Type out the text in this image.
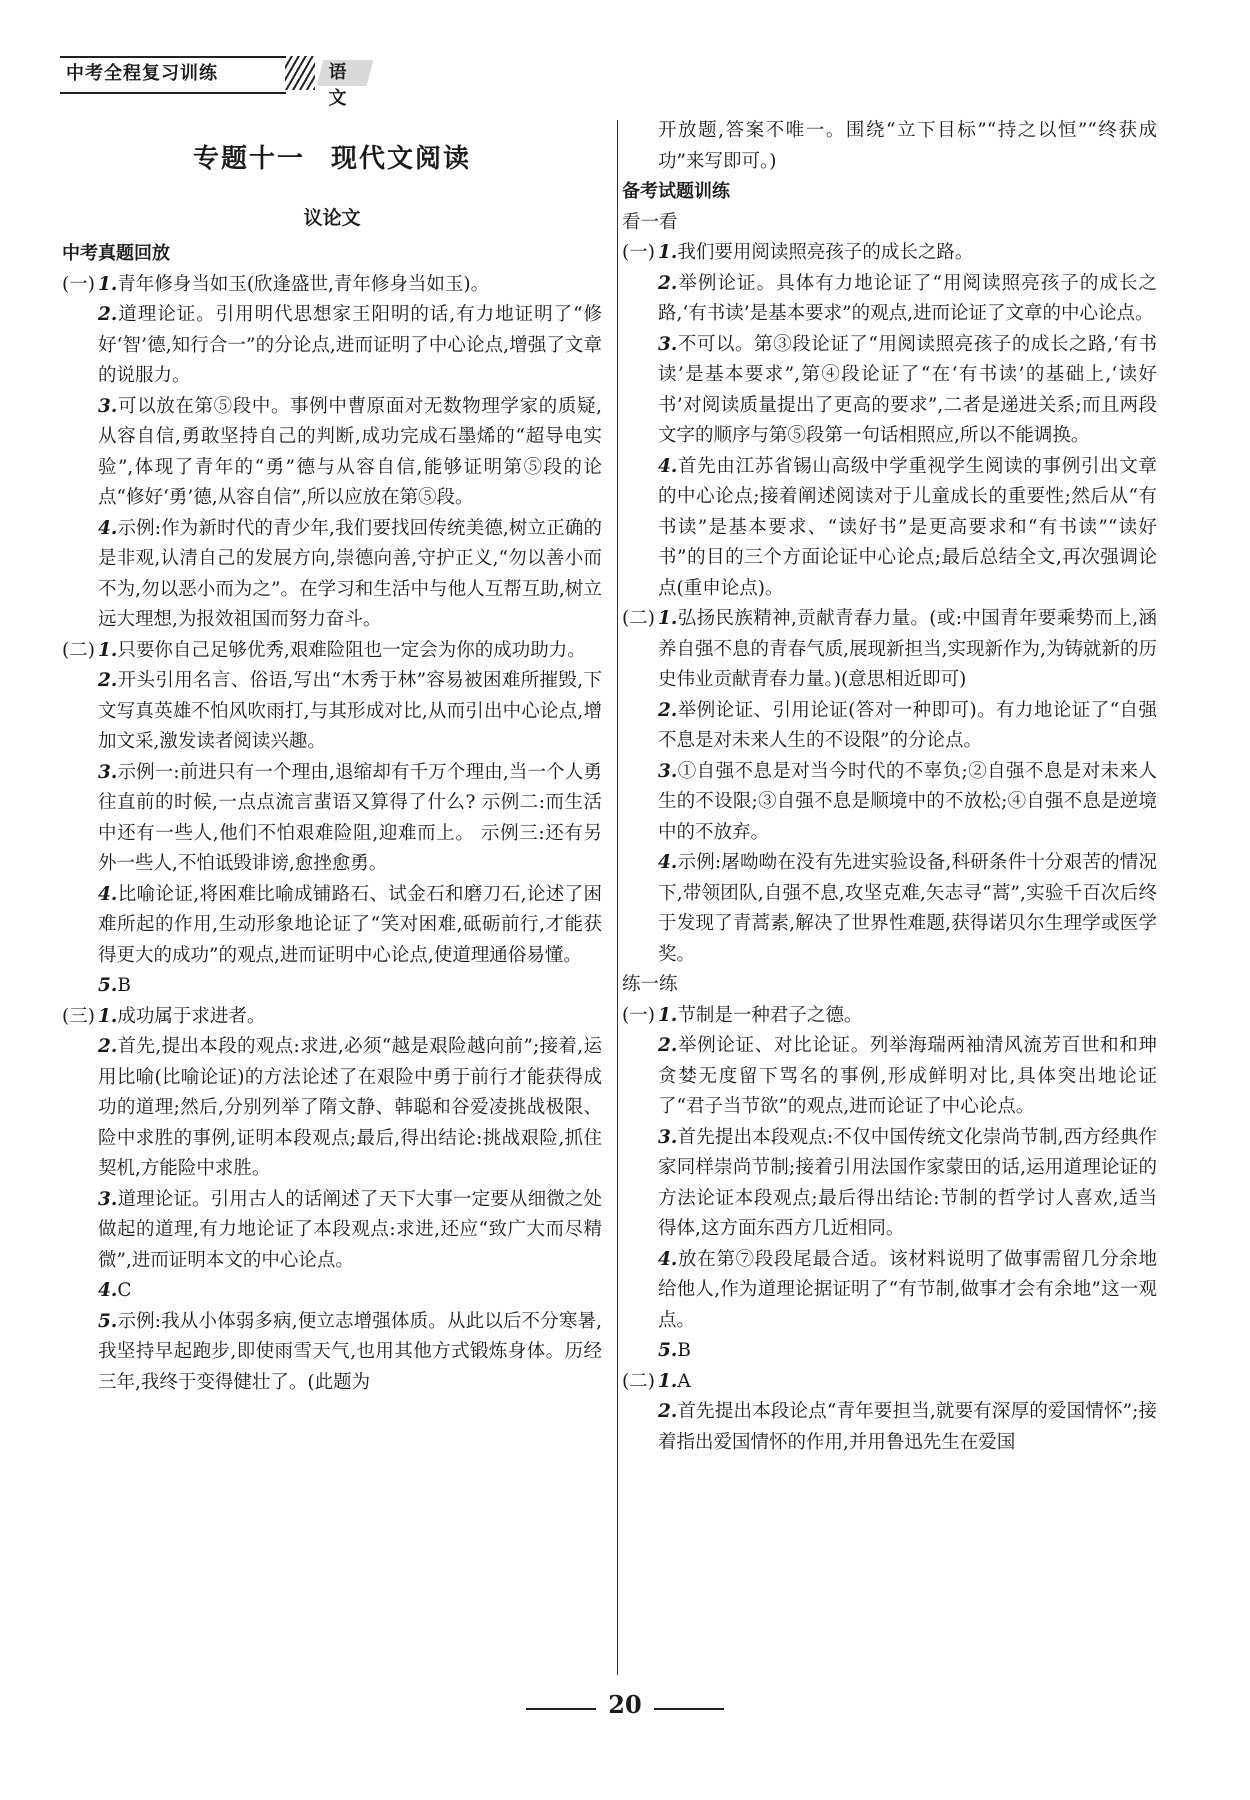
中考全程复习训练	语文
专题十一 现代文阅读
议论文
中考真题回放
(一) 1.青年修身当如玉(欣逢盛世,青年修身当如玉)。
2.道理论证。引用明代思想家王阳明的话,有力地证明了“修好‘智’德,知行合一”的分论点,进而证明了中心论点,增强了文章的说服力。
3.可以放在第⑤段中。事例中曹原面对无数物理学家的质疑,从容自信,勇敢坚持自己的判断,成功完成石墨烯的“超导电实验”,体现了青年的“勇”德与从容自信,能够证明第⑤段的论点“修好‘勇’德,从容自信”,所以应放在第⑤段。
4.示例:作为新时代的青少年,我们要找回传统美德,树立正确的是非观,认清自己的发展方向,崇德向善,守护正义,“勿以善小而不为,勿以恶小而为之”。在学习和生活中与他人互帮互助,树立远大理想,为报效祖国而努力奋斗。
(二) 1.只要你自己足够优秀,艰难险阻也一定会为你的成功助力。
2.开头引用名言、俗语,写出“木秀于林”容易被困难所摧毁,下文写真英雄不怕风吹雨打,与其形成对比,从而引出中心论点,增加文采,激发读者阅读兴趣。
3.示例一:前进只有一个理由,退缩却有千万个理由,当一个人勇往直前的时候,一点点流言蜚语又算得了什么? 示例二:而生活中还有一些人,他们不怕艰难险阻,迎难而上。 示例三:还有另外一些人,不怕诋毁诽谤,愈挫愈勇。
4.比喻论证,将困难比喻成铺路石、试金石和磨刀石,论述了困难所起的作用,生动形象地论证了“笑对困难,砥砺前行,才能获得更大的成功”的观点,进而证明中心论点,使道理通俗易懂。
5.B
(三) 1.成功属于求进者。
2.首先,提出本段的观点:求进,必须“越是艰险越向前”;接着,运用比喻(比喻论证)的方法论述了在艰险中勇于前行才能获得成功的道理;然后,分别列举了隋文静、韩聪和谷爱凌挑战极限、险中求胜的事例,证明本段观点;最后,得出结论:挑战艰险,抓住契机,方能险中求胜。
3.道理论证。引用古人的话阐述了天下大事一定要从细微之处做起的道理,有力地论证了本段观点:求进,还应“致广大而尽精微”,进而证明本文的中心论点。
4.C
5.示例:我从小体弱多病,便立志增强体质。从此以后不分寒暑,我坚持早起跑步,即使雨雪天气,也用其他方式锻炼身体。历经三年,我终于变得健壮了。(此题为
开放题,答案不唯一。围绕“立下目标”“持之以恒”“终获成功”来写即可。)
备考试题训练
看一看
(一) 1.我们要用阅读照亮孩子的成长之路。
2.举例论证。具体有力地论证了“用阅读照亮孩子的成长之路,‘有书读’是基本要求”的观点,进而论证了文章的中心论点。
3.不可以。第③段论证了“用阅读照亮孩子的成长之路,‘有书读’是基本要求”,第④段论证了“在‘有书读’的基础上,‘读好书’对阅读质量提出了更高的要求”,二者是递进关系;而且两段文字的顺序与第⑤段第一句话相照应,所以不能调换。
4.首先由江苏省锡山高级中学重视学生阅读的事例引出文章的中心论点;接着阐述阅读对于儿童成长的重要性;然后从“有书读”是基本要求、“读好书”是更高要求和“有书读”“读好书”的目的三个方面论证中心论点;最后总结全文,再次强调论点(重申论点)。
(二) 1.弘扬民族精神,贡献青春力量。(或:中国青年要乘势而上,涵养自强不息的青春气质,展现新担当,实现新作为,为铸就新的历史伟业贡献青春力量。)(意思相近即可)
2.举例论证、引用论证(答对一种即可)。有力地论证了“自强不息是对未来人生的不设限”的分论点。
3.①自强不息是对当今时代的不辜负;②自强不息是对未来人生的不设限;③自强不息是顺境中的不放松;④自强不息是逆境中的不放弃。
4.示例:屠呦呦在没有先进实验设备,科研条件十分艰苦的情况下,带领团队,自强不息,攻坚克难,矢志寻“蒿”,实验千百次后终于发现了青蒿素,解决了世界性难题,获得诺贝尔生理学或医学奖。
练一练
(一) 1.节制是一种君子之德。
2.举例论证、对比论证。列举海瑞两袖清风流芳百世和和珅贪婪无度留下骂名的事例,形成鲜明对比,具体突出地论证了“君子当节欲”的观点,进而论证了中心论点。
3.首先提出本段观点:不仅中国传统文化崇尚节制,西方经典作家同样崇尚节制;接着引用法国作家蒙田的话,运用道理论证的方法论证本段观点;最后得出结论:节制的哲学讨人喜欢,适当得体,这方面东西方几近相同。
4.放在第⑦段段尾最合适。该材料说明了做事需留几分余地给他人,作为道理论据证明了“有节制,做事才会有余地”这一观点。
5.B
(二) 1.A
2.首先提出本段论点“青年要担当,就要有深厚的爱国情怀”;接着指出爱国情怀的作用,并用鲁迅先生在爱国
20
